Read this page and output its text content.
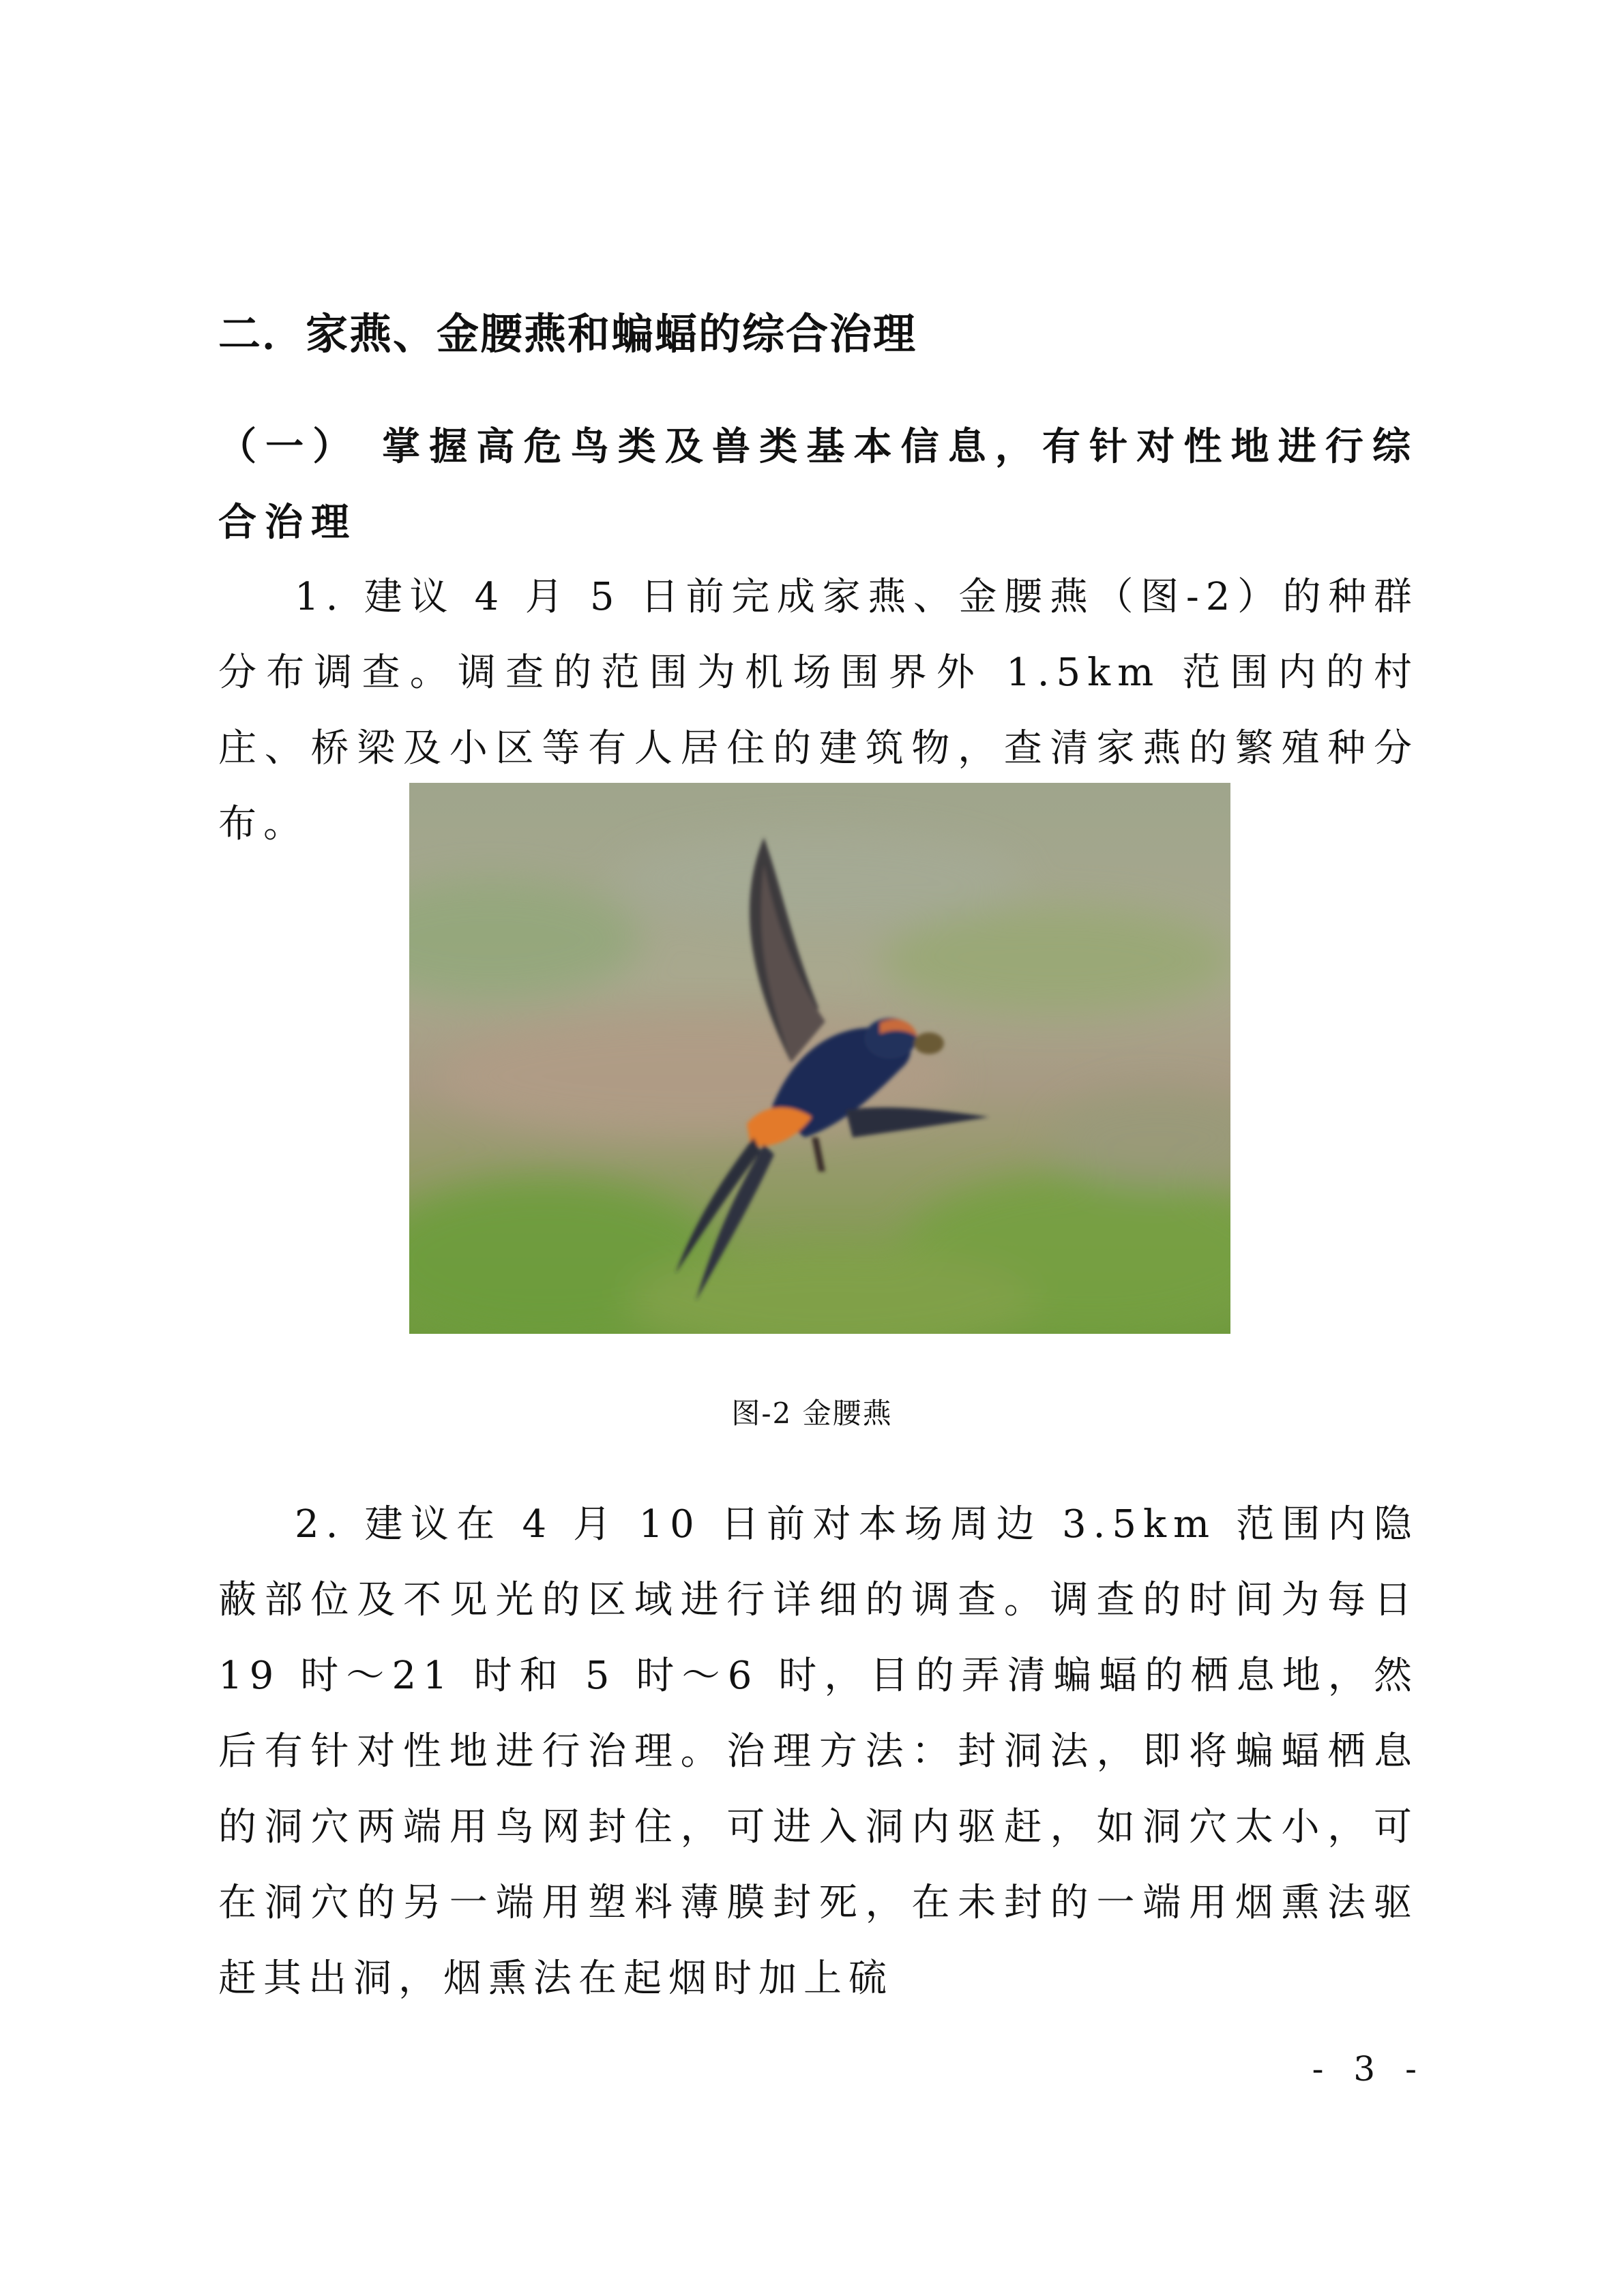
二．家燕、金腰燕和蝙蝠的综合治理

（一） 掌握高危鸟类及兽类基本信息，有针对性地进行综合治理

1. 建议 4 月 5 日前完成家燕、金腰燕（图-2）的种群分布调查。调查的范围为机场围界外 1.5km 范围内的村庄、桥梁及小区等有人居住的建筑物，查清家燕的繁殖种分布。

图-2 金腰燕

2. 建议在 4 月 10 日前对本场周边 3.5km 范围内隐蔽部位及不见光的区域进行详细的调查。调查的时间为每日 19 时～21 时和 5 时～6 时，目的弄清蝙蝠的栖息地，然后有针对性地进行治理。治理方法：封洞法，即将蝙蝠栖息的洞穴两端用鸟网封住，可进入洞内驱赶，如洞穴太小，可在洞穴的另一端用塑料薄膜封死，在未封的一端用烟熏法驱赶其出洞，烟熏法在起烟时加上硫

- 3 -
